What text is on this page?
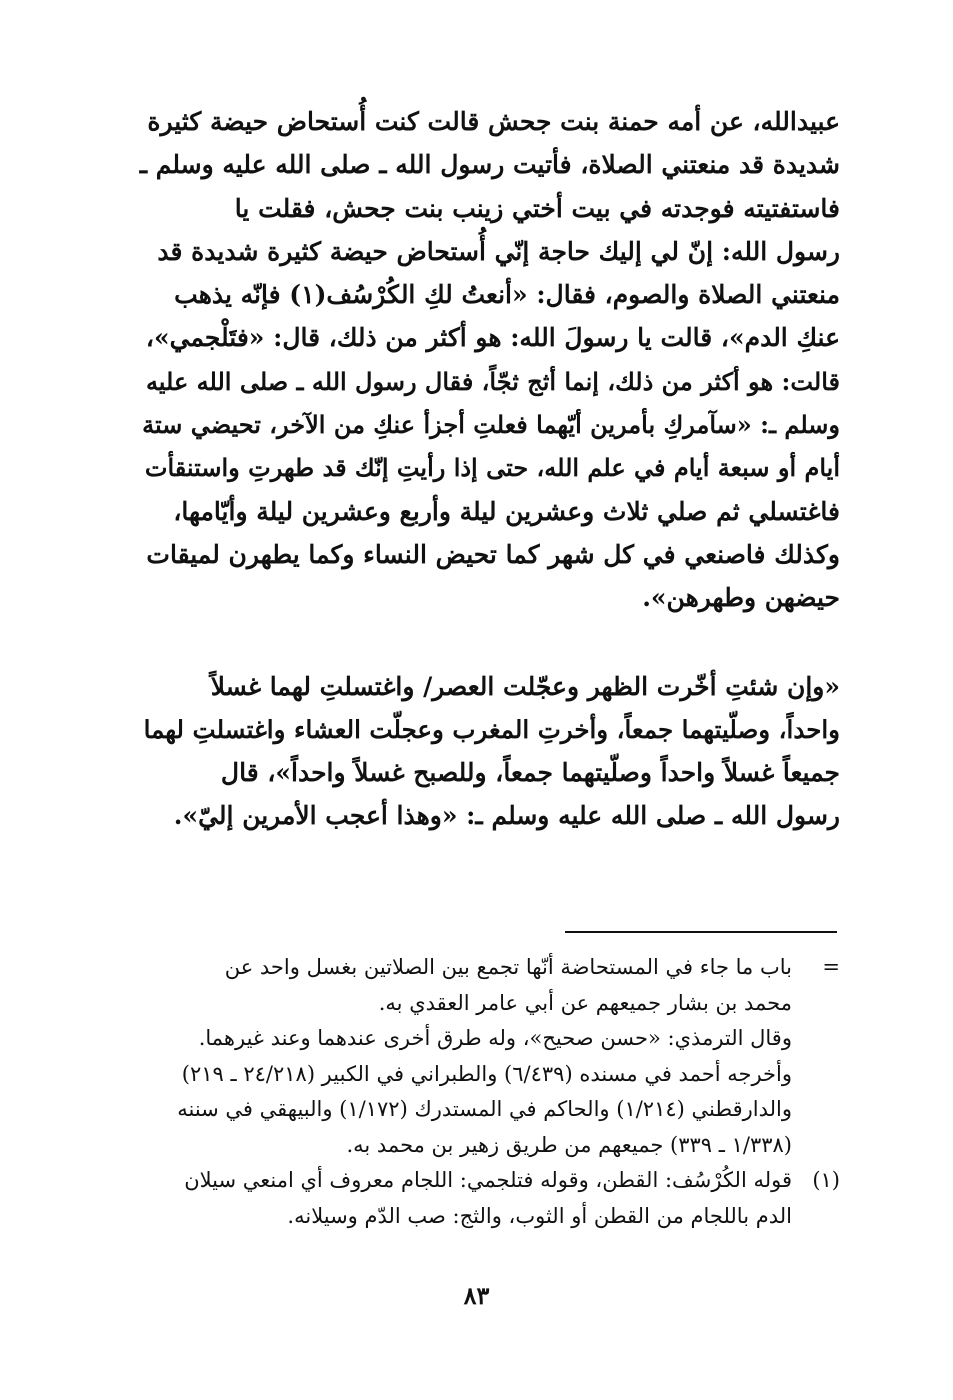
عبيدالله، عن أمه حمنة بنت جحش قالت كنت أُستحاض حيضة كثيرة
شديدة قد منعتني الصلاة، فأتيت رسول الله ـ صلى الله عليه وسلم ـ
فاستفتيته فوجدته في بيت أختي زينب بنت جحش، فقلت يا
رسول الله: إنّ لي إليك حاجة إنّي أُستحاض حيضة كثيرة شديدة قد
منعتني الصلاة والصوم، فقال: «أنعتُ لكِ الكُرْسُف(١) فإنّه يذهب
عنكِ الدم»، قالت يا رسولَ الله: هو أكثر من ذلك، قال: «فتَلْجمي»،
قالت: هو أكثر من ذلك، إنما أثج ثجّاً، فقال رسول الله ـ صلى الله عليه
وسلم ـ: «سآمركِ بأمرين أيّهما فعلتِ أجزأ عنكِ من الآخر، تحيضي ستة
أيام أو سبعة أيام في علم الله، حتى إذا رأيتِ إنّك قد طهرتِ واستنقأت
فاغتسلي ثم صلي ثلاث وعشرين ليلة وأربع وعشرين ليلة وأيّامها،
وكذلك فاصنعي في كل شهر كما تحيض النساء وكما يطهرن لميقات
حيضهن وطهرهن».

«وإن شئتِ أخّرت الظهر وعجّلت العصر/ واغتسلتِ لهما غسلاً
واحداً، وصلّيتهما جمعاً، وأخرتِ المغرب وعجلّت العشاء واغتسلتِ لهما
جميعاً غسلاً واحداً وصلّيتهما جمعاً، وللصبح غسلاً واحداً»، قال
رسول الله ـ صلى الله عليه وسلم ـ: «وهذا أعجب الأمرين إليّ».

=
باب ما جاء في المستحاضة أنّها تجمع بين الصلاتين بغسل واحد عن
محمد بن بشار جميعهم عن أبي عامر العقدي به.
وقال الترمذي: «حسن صحيح»، وله طرق أخرى عندهما وعند غيرهما.
وأخرجه أحمد في مسنده (٦/٤٣٩) والطبراني في الكبير (٢٤/٢١٨ ـ ٢١٩)
والدارقطني (١/٢١٤) والحاكم في المستدرك (١/١٧٢) والبيهقي في سننه
(١/٣٣٨ ـ ٣٣٩) جميعهم من طريق زهير بن محمد به.
(١)
قوله الكُرْسُف: القطن، وقوله فتلجمي: اللجام معروف أي امنعي سيلان
الدم باللجام من القطن أو الثوب، والثج: صب الدّم وسيلانه.
٨٣
